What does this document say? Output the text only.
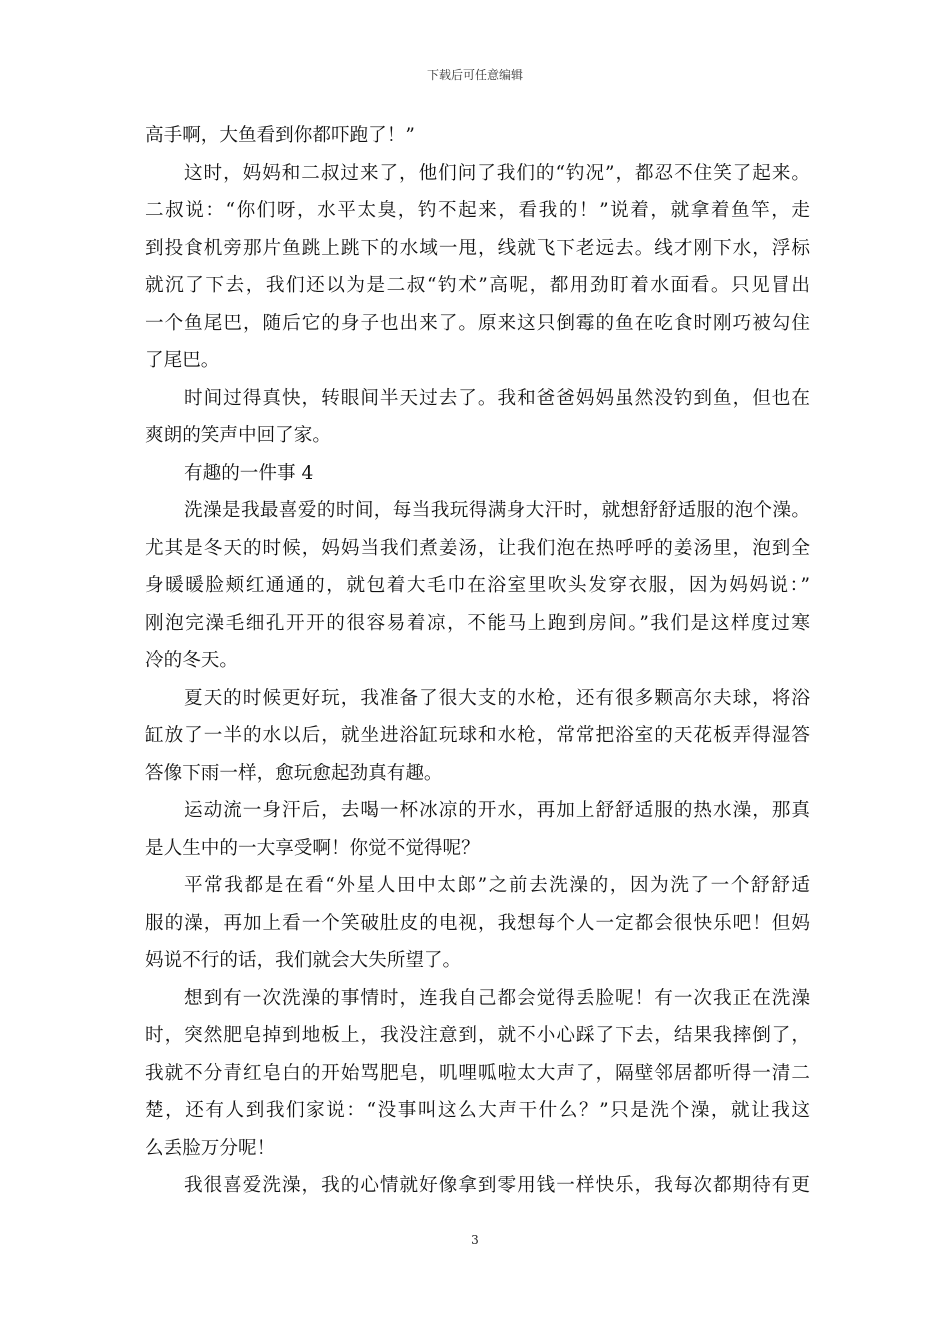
下载后可任意编辑
高手啊，大鱼看到你都吓跑了！”
这时，妈妈和二叔过来了，他们问了我们的“钓况”，都忍不住笑了起来。
二叔说：“你们呀，水平太臭，钓不起来，看我的！”说着，就拿着鱼竿，走
到投食机旁那片鱼跳上跳下的水域一甩，线就飞下老远去。线才刚下水，浮标
就沉了下去，我们还以为是二叔“钓术”高呢，都用劲盯着水面看。只见冒出
一个鱼尾巴，随后它的身子也出来了。原来这只倒霉的鱼在吃食时刚巧被勾住
了尾巴。
时间过得真快，转眼间半天过去了。我和爸爸妈妈虽然没钓到鱼，但也在
爽朗的笑声中回了家。
有趣的一件事 4
洗澡是我最喜爱的时间，每当我玩得满身大汗时，就想舒舒适服的泡个澡。
尤其是冬天的时候，妈妈当我们煮姜汤，让我们泡在热呼呼的姜汤里，泡到全
身暖暖脸颊红通通的，就包着大毛巾在浴室里吹头发穿衣服，因为妈妈说：”
刚泡完澡毛细孔开开的很容易着凉，不能马上跑到房间。”我们是这样度过寒
冷的冬天。
夏天的时候更好玩，我准备了很大支的水枪，还有很多颗高尔夫球，将浴
缸放了一半的水以后，就坐进浴缸玩球和水枪，常常把浴室的天花板弄得湿答
答像下雨一样，愈玩愈起劲真有趣。
运动流一身汗后，去喝一杯冰凉的开水，再加上舒舒适服的热水澡，那真
是人生中的一大享受啊！你觉不觉得呢？
平常我都是在看“外星人田中太郎”之前去洗澡的，因为洗了一个舒舒适
服的澡，再加上看一个笑破肚皮的电视，我想每个人一定都会很快乐吧！但妈
妈说不行的话，我们就会大失所望了。
想到有一次洗澡的事情时，连我自己都会觉得丢脸呢！有一次我正在洗澡
时，突然肥皂掉到地板上，我没注意到，就不小心踩了下去，结果我摔倒了，
我就不分青红皂白的开始骂肥皂，叽哩呱啦太大声了，隔壁邻居都听得一清二
楚，还有人到我们家说：“没事叫这么大声干什么？”只是洗个澡，就让我这
么丢脸万分呢！
我很喜爱洗澡，我的心情就好像拿到零用钱一样快乐，我每次都期待有更
3
